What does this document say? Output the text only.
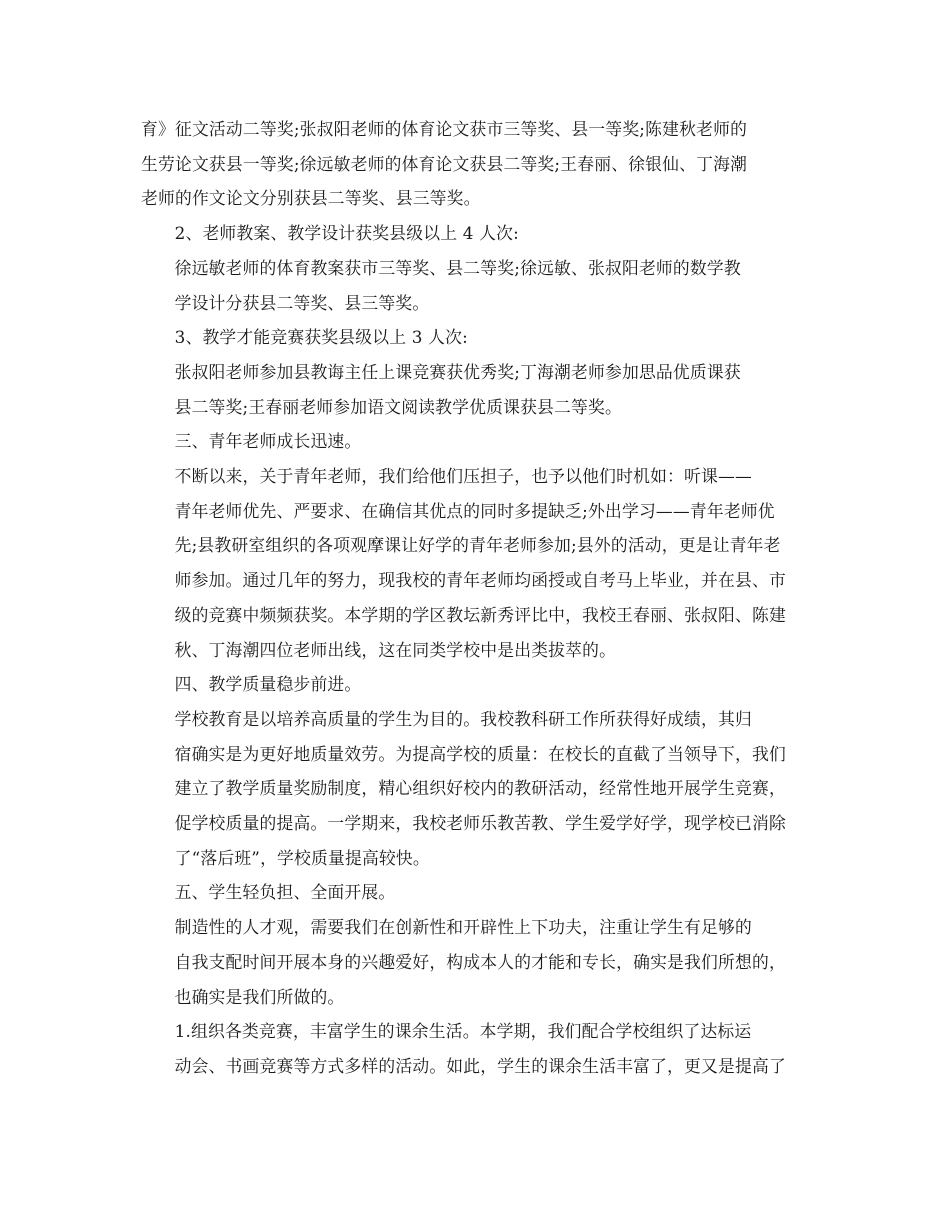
育》征文活动二等奖;张叔阳老师的体育论文获市三等奖、县一等奖;陈建秋老师的
生劳论文获县一等奖;徐远敏老师的体育论文获县二等奖;王春丽、徐银仙、丁海潮
老师的作文论文分别获县二等奖、县三等奖。

2、老师教案、教学设计获奖县级以上 4 人次:

徐远敏老师的体育教案获市三等奖、县二等奖;徐远敏、张叔阳老师的数学教
学设计分获县二等奖、县三等奖。

3、教学才能竞赛获奖县级以上 3 人次:

张叔阳老师参加县教诲主任上课竞赛获优秀奖;丁海潮老师参加思品优质课获
县二等奖;王春丽老师参加语文阅读教学优质课获县二等奖。

三、青年老师成长迅速。

不断以来，关于青年老师，我们给他们压担子，也予以他们时机如：听课——
青年老师优先、严要求、在确信其优点的同时多提缺乏;外出学习——青年老师优
先;县教研室组织的各项观摩课让好学的青年老师参加;县外的活动，更是让青年老
师参加。通过几年的努力，现我校的青年老师均函授或自考马上毕业，并在县、市
级的竞赛中频频获奖。本学期的学区教坛新秀评比中，我校王春丽、张叔阳、陈建
秋、丁海潮四位老师出线，这在同类学校中是出类拔萃的。

四、教学质量稳步前进。

学校教育是以培养高质量的学生为目的。我校教科研工作所获得好成绩，其归
宿确实是为更好地质量效劳。为提高学校的质量：在校长的直截了当领导下，我们
建立了教学质量奖励制度，精心组织好校内的教研活动，经常性地开展学生竞赛，
促学校质量的提高。一学期来，我校老师乐教苦教、学生爱学好学，现学校已消除
了“落后班”，学校质量提高较快。

五、学生轻负担、全面开展。

制造性的人才观，需要我们在创新性和开辟性上下功夫，注重让学生有足够的
自我支配时间开展本身的兴趣爱好，构成本人的才能和专长，确实是我们所想的，
也确实是我们所做的。

1.组织各类竞赛，丰富学生的课余生活。本学期，我们配合学校组织了达标运
动会、书画竞赛等方式多样的活动。如此，学生的课余生活丰富了，更又是提高了
